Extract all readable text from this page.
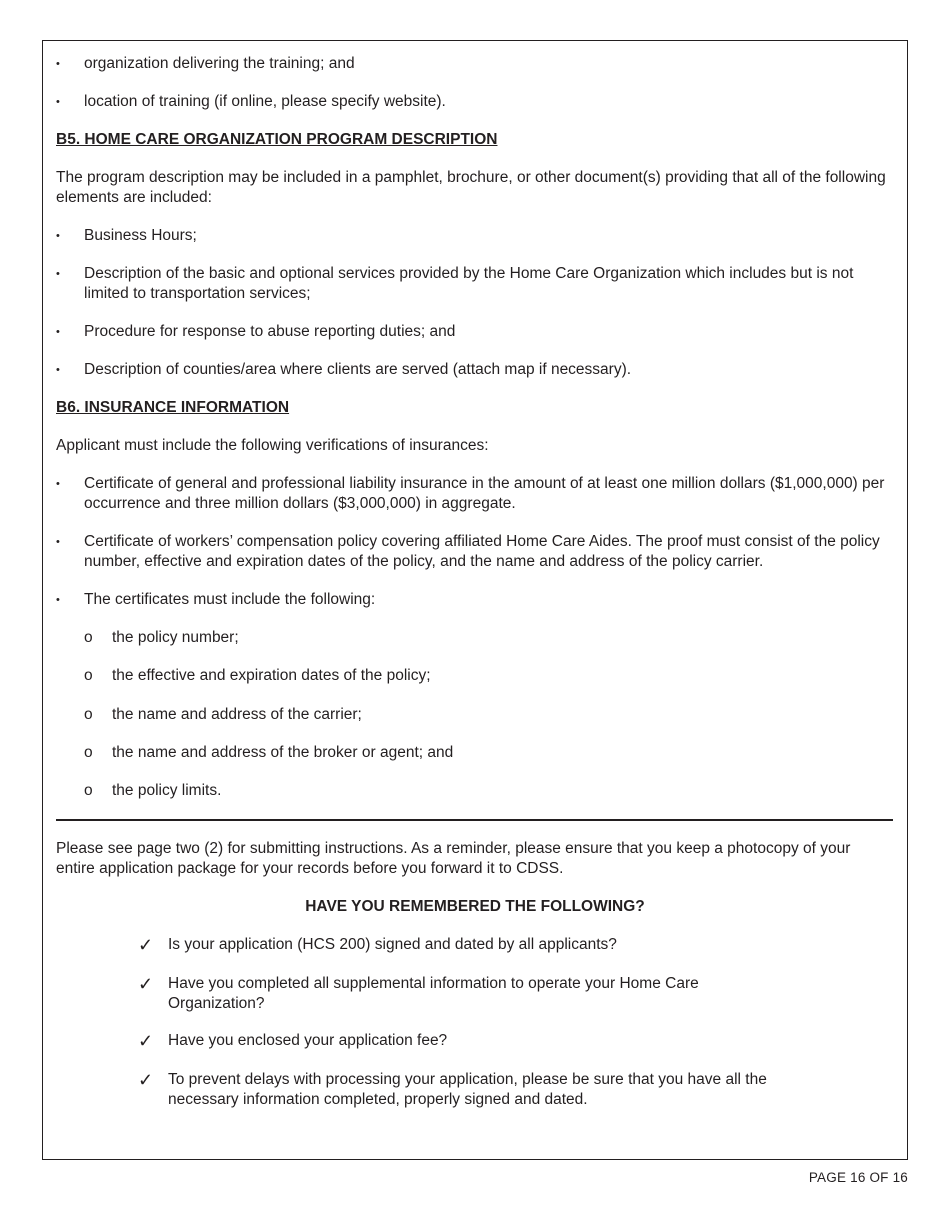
• organization delivering the training; and
• location of training (if online, please specify website).
B5. HOME CARE ORGANIZATION PROGRAM DESCRIPTION
The program description may be included in a pamphlet, brochure, or other document(s) providing that all of the following elements are included:
• Business Hours;
• Description of the basic and optional services provided by the Home Care Organization which includes but is not limited to transportation services;
• Procedure for response to abuse reporting duties; and
• Description of counties/area where clients are served (attach map if necessary).
B6. INSURANCE INFORMATION
Applicant must include the following verifications of insurances:
• Certificate of general and professional liability insurance in the amount of at least one million dollars ($1,000,000) per occurrence and three million dollars ($3,000,000) in aggregate.
• Certificate of workers’ compensation policy covering affiliated Home Care Aides. The proof must consist of the policy number, effective and expiration dates of the policy, and the name and address of the policy carrier.
• The certificates must include the following:
o the policy number;
o the effective and expiration dates of the policy;
o the name and address of the carrier;
o the name and address of the broker or agent; and
o the policy limits.
Please see page two (2) for submitting instructions. As a reminder, please ensure that you keep a photocopy of your entire application package for your records before you forward it to CDSS.
HAVE YOU REMEMBERED THE FOLLOWING?
✓ Is your application (HCS 200) signed and dated by all applicants?
✓ Have you completed all supplemental information to operate your Home Care Organization?
✓ Have you enclosed your application fee?
✓ To prevent delays with processing your application, please be sure that you have all the necessary information completed, properly signed and dated.
PAGE 16 OF 16
